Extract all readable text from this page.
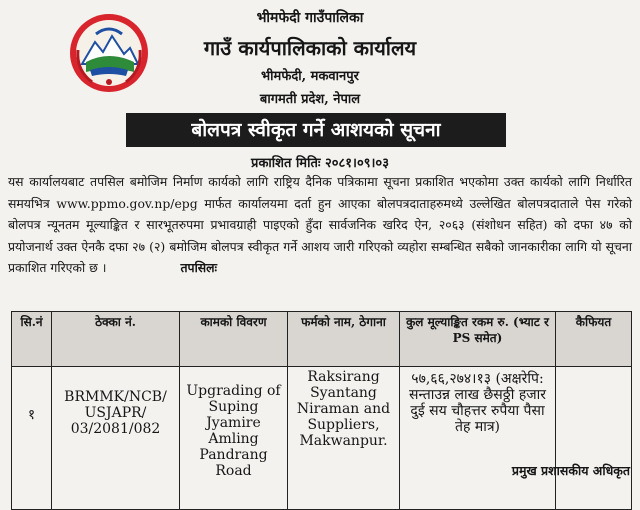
भीमफेदी गाउँपालिका
गाउँ कार्यपालिकाको कार्यालय
भीमफेदी, मकवानपुर
बागमती प्रदेश, नेपाल
बोलपत्र स्वीकृत गर्ने आशयको सूचना
प्रकाशित मितिः २०८१।०९।०३
यस कार्यालयबाट तपसिल बमोजिम निर्माण कार्यको लागि राष्ट्रिय दैनिक पत्रिकामा सूचना प्रकाशित भएकोमा उक्त कार्यको लागि निर्धारित समयभित्र www.ppmo.gov.np/epg मार्फत कार्यालयमा दर्ता हुन आएका बोलपत्रदाताहरुमध्ये उल्लेखित बोलपत्रदाताले पेस गरेको बोलपत्र न्यूनतम मूल्याङ्कित र सारभूतरुपमा प्रभावग्राही पाइएको हुँदा सार्वजनिक खरिद ऐन, २०६३ (संशोधन सहित) को दफा ४७ को प्रयोजनार्थ उक्त ऐनकै दफा २७ (२) बमोजिम बोलपत्र स्वीकृत गर्ने आशय जारी गरिएको व्यहोरा सम्बन्धित सबैको जानकारीका लागि यो सूचना प्रकाशित गरिएको छ ।	तपसिलः
सि.नं	ठेक्का नं.	कामको विवरण	फर्मको नाम, ठेगाना	कुल मूल्याङ्कित रकम रु. (भ्याट र PS समेत)	कैफियत
१	BRMMK/NCB/ USJAPR/ 03/2081/082	Upgrading of Suping Jyamire Amling Pandrang Road	Raksirang Syantang Niraman and Suppliers, Makwanpur.	५७,६६,२७४।१३ (अक्षरेपि: सन्ताउन्न लाख छैसठ्ठी हजार दुई सय चौहत्तर रुपैया पैसा तेह मात्र)	
प्रमुख प्रशासकीय अधिकृत
